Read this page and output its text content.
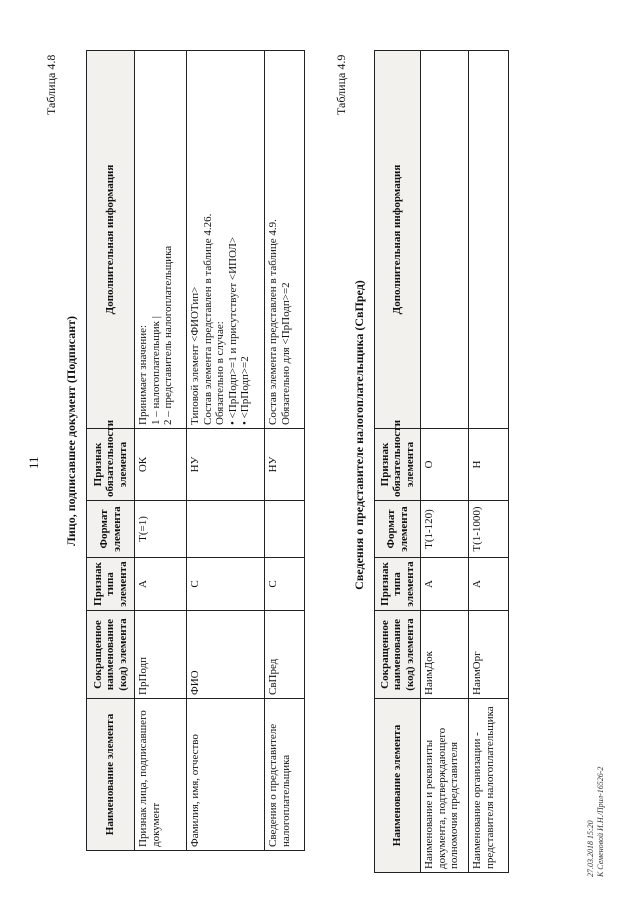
11
Таблица 4.8
Лицо, подписавшее документ (Подписант)
Наименование элемента	Сокращенное наименование (код) элемента	Признак типа элемента	Формат элемента	Признак обязательности элемента	Дополнительная информация
Признак лица, подписавшего документ	ПрПодп	А	Т(=1)	ОК	Принимает значение: 1 – налогоплательщик | 2 – представитель налогоплательщика

Фамилия, имя, отчество	ФИО	С		НУ	Типовой элемент <ФИОТип> Состав элемента представлен в таблице 4.26. Обязательно в случае: • <ПрПодп>=1 и присутствует <ИПОЛ> • <ПрПодп>=2

Сведения о представителе налогоплательщика	СвПред	С		НУ	Состав элемента представлен в таблице 4.9. Обязательно для <ПрПодп>=2
Таблица 4.9
Сведения о представителе налогоплательщика (СвПред)
Наименование элемента	Сокращенное наименование (код) элемента	Признак типа элемента	Формат элемента	Признак обязательности элемента	Дополнительная информация
Наименование и реквизиты документа, подтверждающего полномочия представителя	НаимДок	А	Т(1-120)	О	
Наименование организации - представителя налогоплательщика	НаимОрг	А	Т(1-1000)	Н	
27.03.2018 15:20 К Семеновой И.Н./Прил-16526-2
